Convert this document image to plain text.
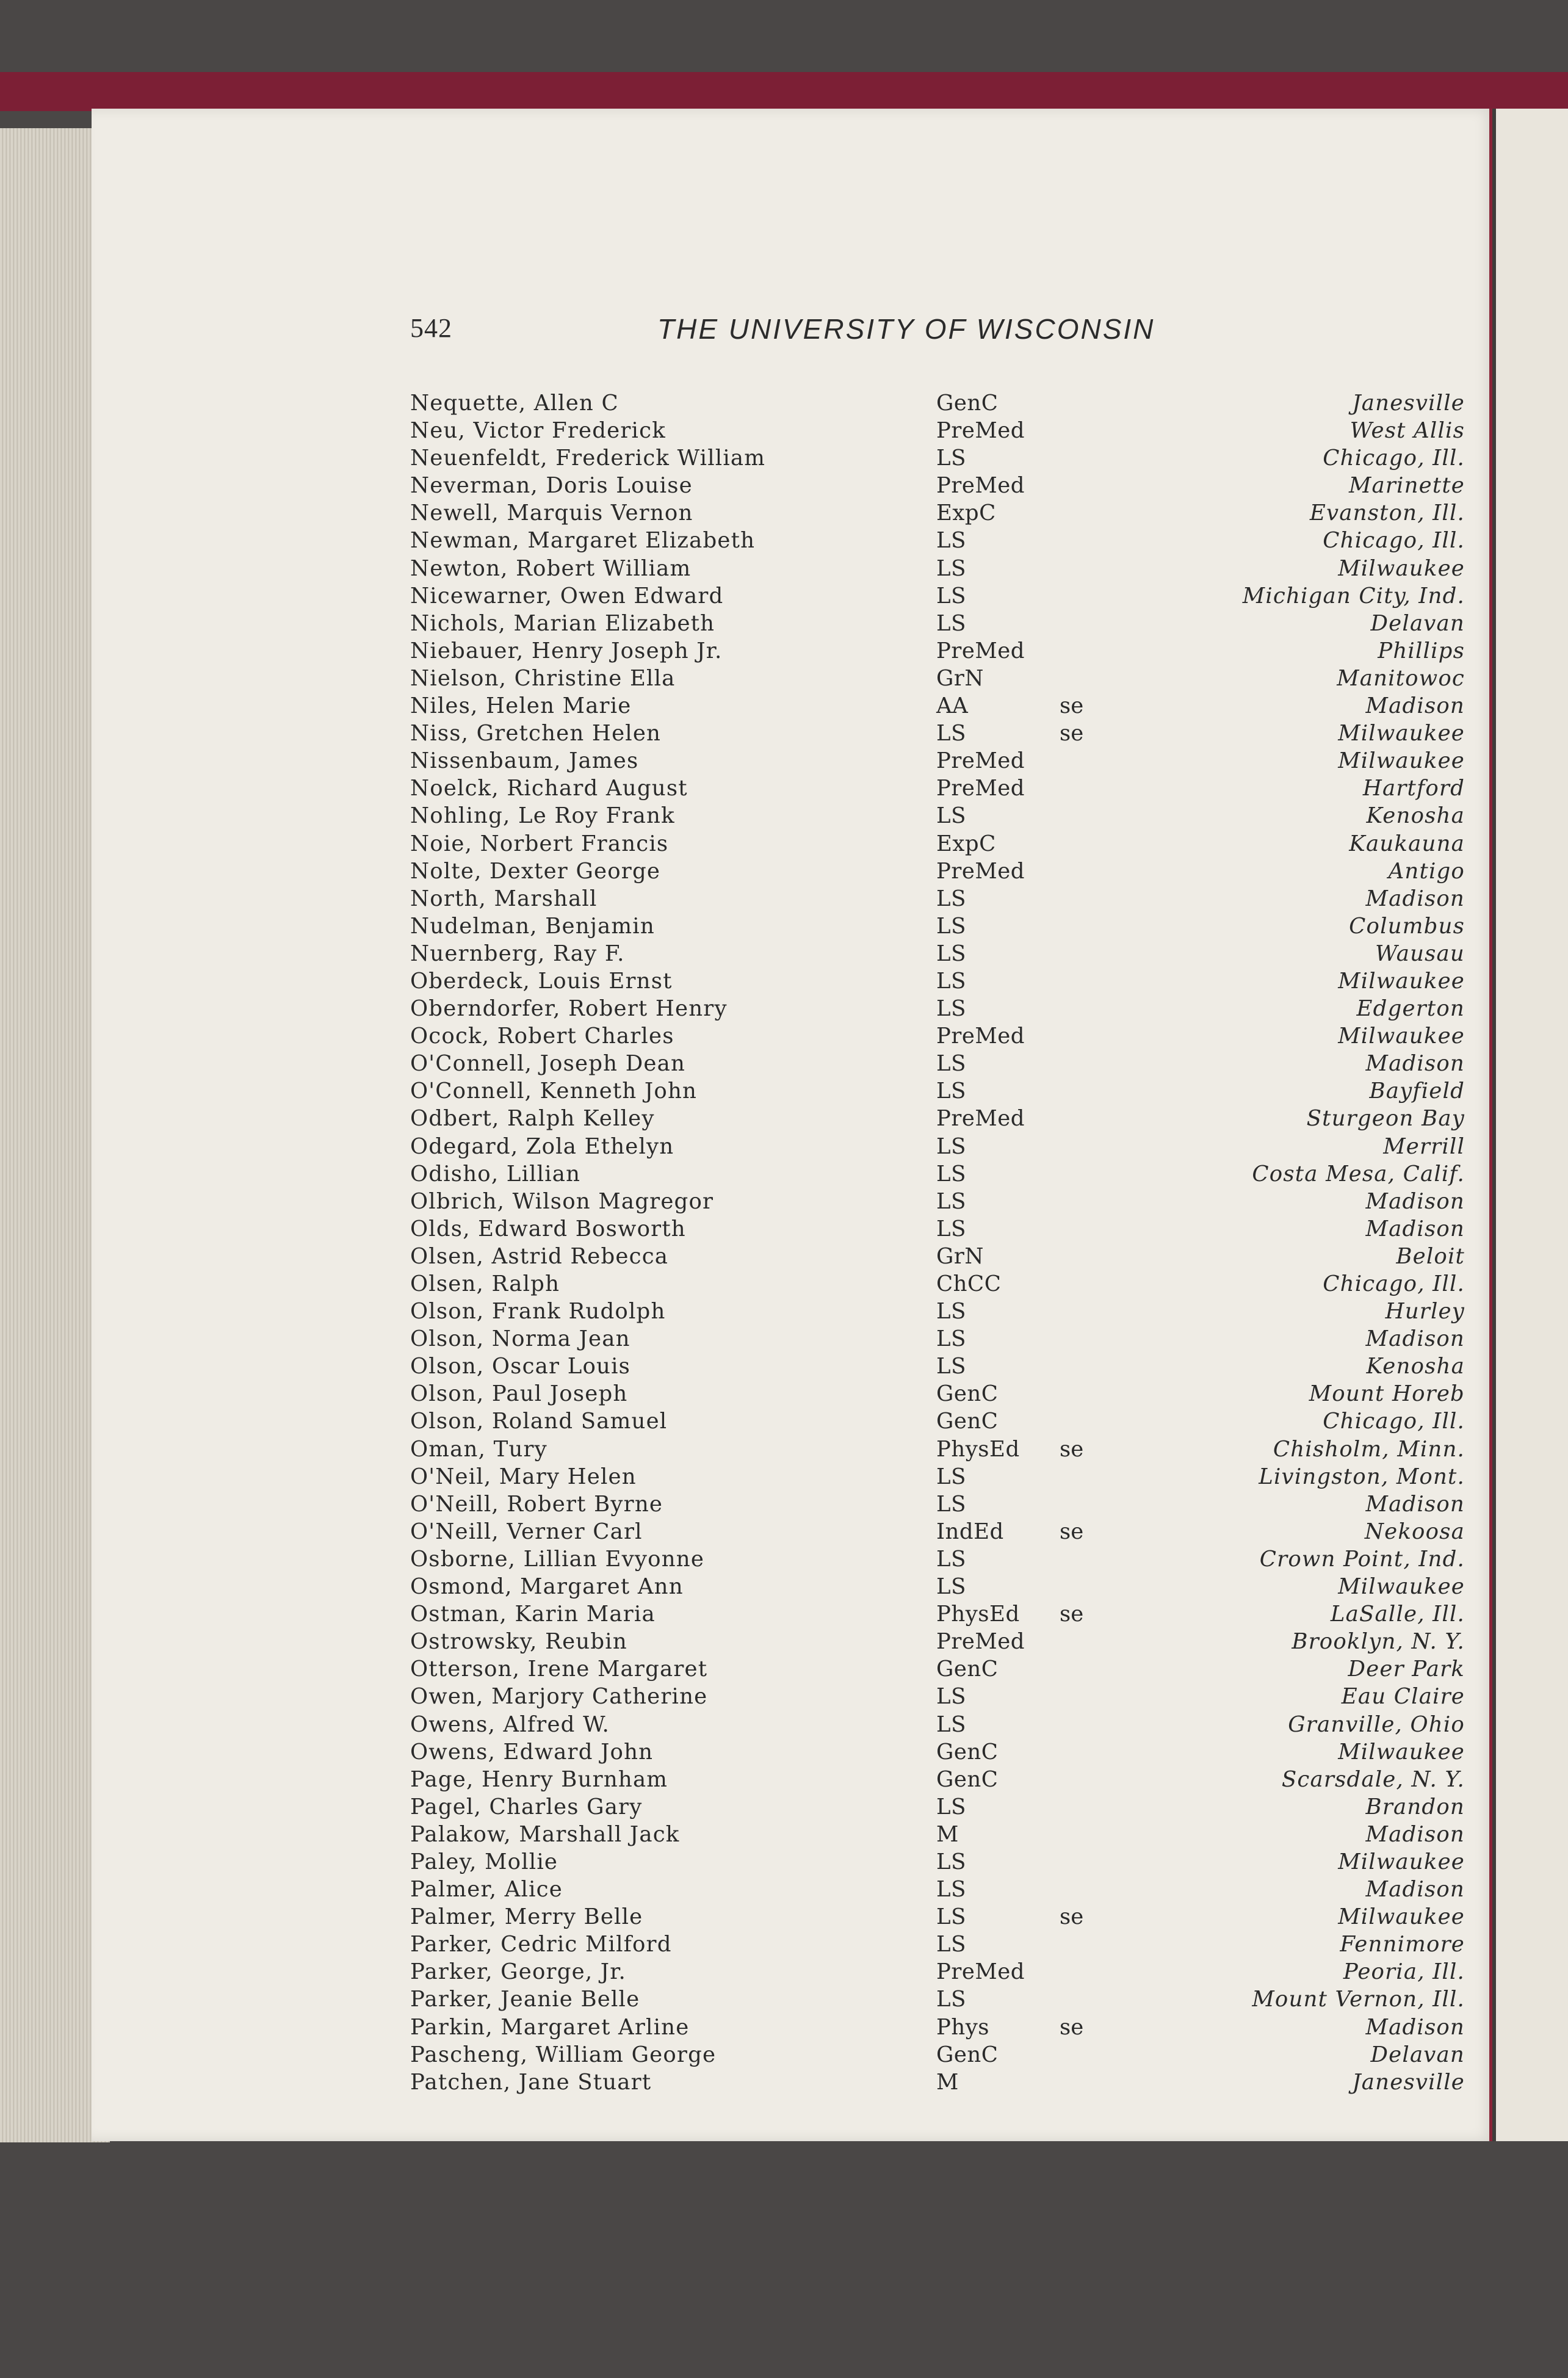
542	THE UNIVERSITY OF WISCONSIN
Nequette, Allen C	GenC	Janesville
Neu, Victor Frederick	PreMed	West Allis
Neuenfeldt, Frederick William	LS	Chicago, Ill.
Neverman, Doris Louise	PreMed	Marinette
Newell, Marquis Vernon	ExpC	Evanston, Ill.
Newman, Margaret Elizabeth	LS	Chicago, Ill.
Newton, Robert William	LS	Milwaukee
Nicewarner, Owen Edward	LS	Michigan City, Ind.
Nichols, Marian Elizabeth	LS	Delavan
Niebauer, Henry Joseph Jr.	PreMed	Phillips
Nielson, Christine Ella	GrN	Manitowoc
Niles, Helen Marie	AA	se	Madison
Niss, Gretchen Helen	LS	se	Milwaukee
Nissenbaum, James	PreMed	Milwaukee
Noelck, Richard August	PreMed	Hartford
Nohling, Le Roy Frank	LS	Kenosha
Noie, Norbert Francis	ExpC	Kaukauna
Nolte, Dexter George	PreMed	Antigo
North, Marshall	LS	Madison
Nudelman, Benjamin	LS	Columbus
Nuernberg, Ray F.	LS	Wausau
Oberdeck, Louis Ernst	LS	Milwaukee
Oberndorfer, Robert Henry	LS	Edgerton
Ocock, Robert Charles	PreMed	Milwaukee
O'Connell, Joseph Dean	LS	Madison
O'Connell, Kenneth John	LS	Bayfield
Odbert, Ralph Kelley	PreMed	Sturgeon Bay
Odegard, Zola Ethelyn	LS	Merrill
Odisho, Lillian	LS	Costa Mesa, Calif.
Olbrich, Wilson Magregor	LS	Madison
Olds, Edward Bosworth	LS	Madison
Olsen, Astrid Rebecca	GrN	Beloit
Olsen, Ralph	ChCC	Chicago, Ill.
Olson, Frank Rudolph	LS	Hurley
Olson, Norma Jean	LS	Madison
Olson, Oscar Louis	LS	Kenosha
Olson, Paul Joseph	GenC	Mount Horeb
Olson, Roland Samuel	GenC	Chicago, Ill.
Oman, Tury	PhysEd se	Chisholm, Minn.
O'Neil, Mary Helen	LS	Livingston, Mont.
O'Neill, Robert Byrne	LS	Madison
O'Neill, Verner Carl	IndEd	se	Nekoosa
Osborne, Lillian Evyonne	LS	Crown Point, Ind.
Osmond, Margaret Ann	LS	Milwaukee
Ostman, Karin Maria	PhysEd se	LaSalle, Ill.
Ostrowsky, Reubin	PreMed	Brooklyn, N. Y.
Otterson, Irene Margaret	GenC	Deer Park
Owen, Marjory Catherine	LS	Eau Claire
Owens, Alfred W.	LS	Granville, Ohio
Owens, Edward John	GenC	Milwaukee
Page, Henry Burnham	GenC	Scarsdale, N. Y.
Pagel, Charles Gary	LS	Brandon
Palakow, Marshall Jack	M	Madison
Paley, Mollie	LS	Milwaukee
Palmer, Alice	LS	Madison
Palmer, Merry Belle	LS	se	Milwaukee
Parker, Cedric Milford	LS	Fennimore
Parker, George, Jr.	PreMed	Peoria, Ill.
Parker, Jeanie Belle	LS	Mount Vernon, Ill.
Parkin, Margaret Arline	Phys	se	Madison
Pascheng, William George	GenC	Delavan
Patchen, Jane Stuart	M	Janesville
